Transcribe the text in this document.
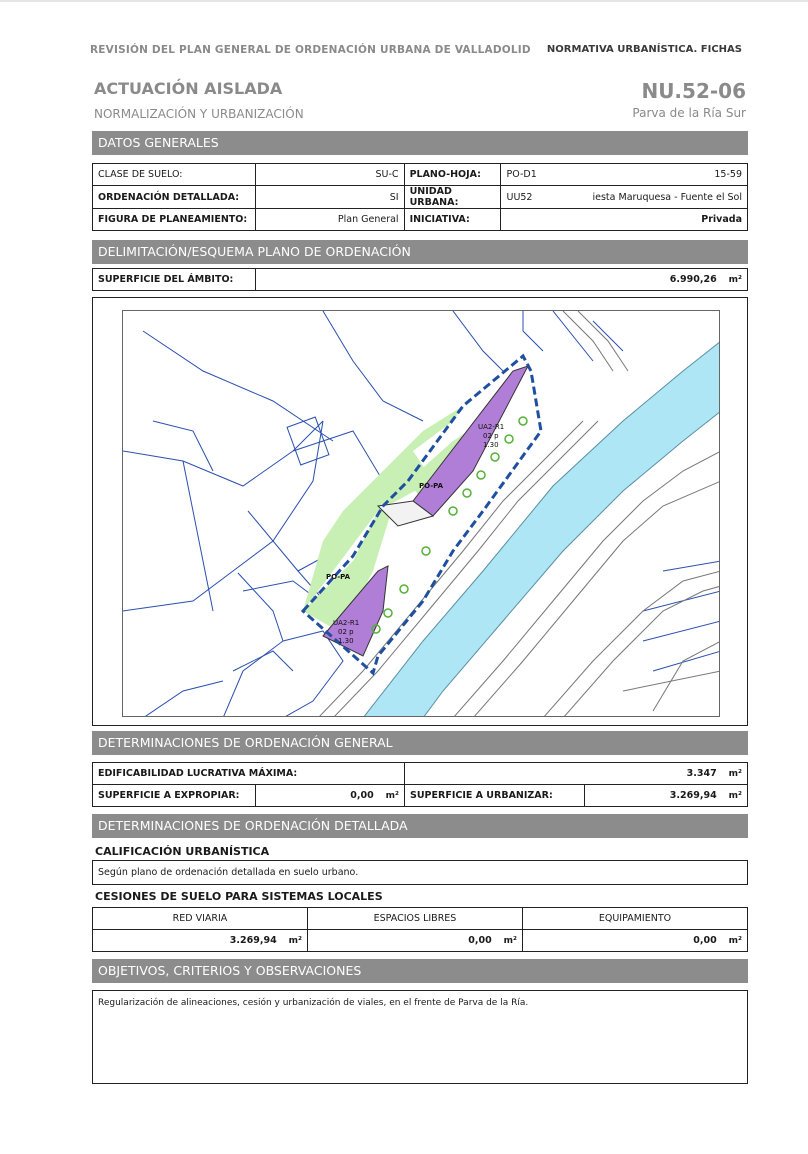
REVISIÓN DEL PLAN GENERAL DE ORDENACIÓN URBANA DE VALLADOLID NORMATIVA URBANÍSTICA. FICHAS
ACTUACIÓN AISLADA
NORMALIZACIÓN Y URBANIZACIÓN
NU.52-06
Parva de la Ría Sur
DATOS GENERALES
CLASE DE SUELO:	SU-C	PLANO-HOJA:	PO-D1 15-59

ORDENACIÓN DETALLADA:	SI	UNIDAD URBANA:	UU52 iesta Maruquesa - Fuente el Sol

FIGURA DE PLANEAMIENTO:	Plan General	INICIATIVA:	Privada
DELIMITACIÓN/ESQUEMA PLANO DE ORDENACIÓN
SUPERFICIE DEL ÁMBITO:	6.990,26 m²
PO-PA
PO-PA
UA2-R1
02 p
1.30
UA2-R1
02 p
1.30
DETERMINACIONES DE ORDENACIÓN GENERAL
EDIFICABILIDAD LUCRATIVA MÁXIMA:		3.347 m²	
SUPERFICIE A EXPROPIAR:	0,00 m²	SUPERFICIE A URBANIZAR:	3.269,94 m²
DETERMINACIONES DE ORDENACIÓN DETALLADA
CALIFICACIÓN URBANÍSTICA
Según plano de ordenación detallada en suelo urbano.
CESIONES DE SUELO PARA SISTEMAS LOCALES
RED VIARIA	ESPACIOS LIBRES	EQUIPAMIENTO
3.269,94 m²	0,00 m²	0,00 m²
OBJETIVOS, CRITERIOS Y OBSERVACIONES
Regularización de alineaciones, cesión y urbanización de viales, en el frente de Parva de la Ría.
